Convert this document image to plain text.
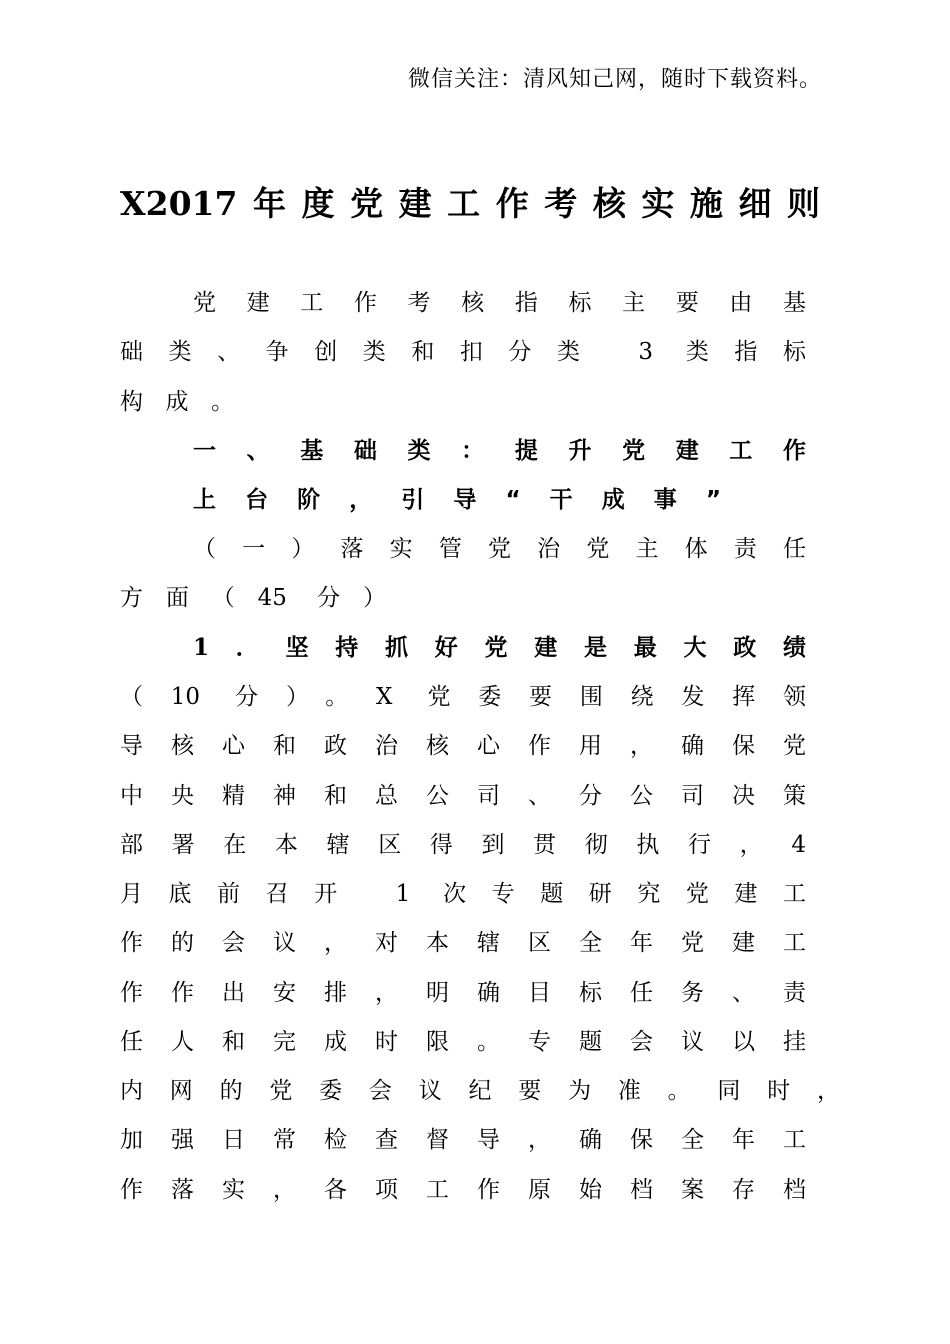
微信关注：清风知己网，随时下载资料。
X2017年度党建工作考核实施细则
党建工作考核指标主要由基
础类、争创类和扣分类 3 类指标
构成。
一、基础类：提升党建工作
上台阶，引导“干成事”
（一）落实管党治党主体责任
方面（45 分）
1．坚持抓好党建是最大政绩
（10 分）。X 党委要围绕发挥领
导核心和政治核心作用，确保党
中央精神和总公司、分公司决策
部署在本辖区得到贯彻执行，4
月底前召开 1 次专题研究党建工
作的会议，对本辖区全年党建工
作作出安排，明确目标任务、责
任人和完成时限。专题会议以挂
内网的党委会议纪要为准。同时，
加强日常检查督导，确保全年工
作落实，各项工作原始档案存档
